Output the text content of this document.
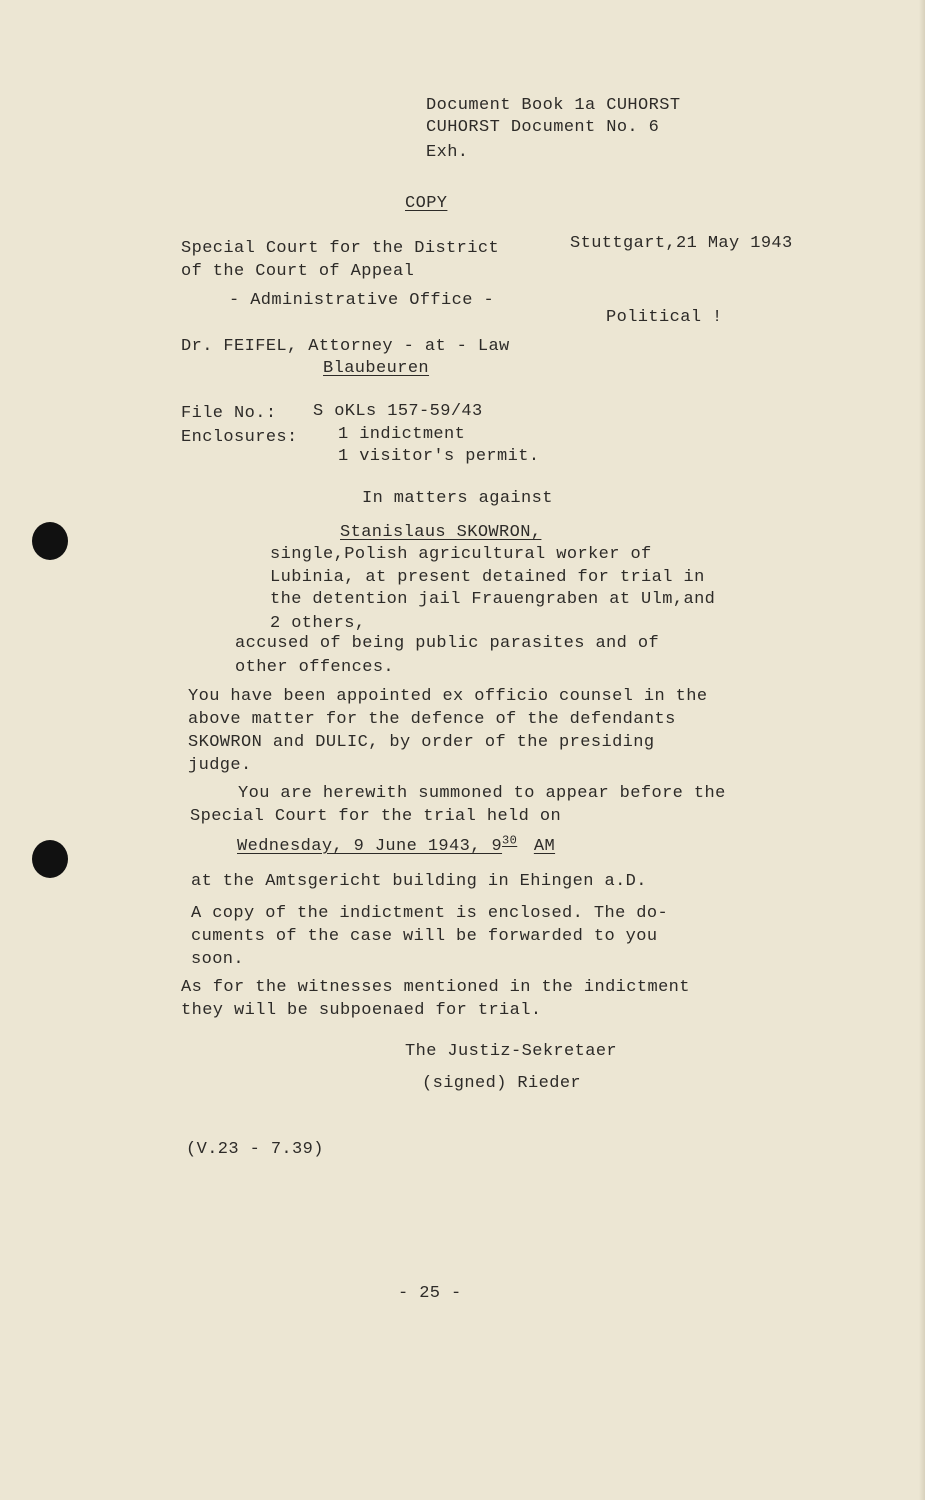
Document Book 1a CUHORST
CUHORST Document No. 6
Exh.
COPY
Special Court for the District
of the Court of Appeal
- Administrative Office -
Stuttgart,21 May 1943
Political !
Dr. FEIFEL, Attorney - at - Law
Blaubeuren
File No.: S oKLs 157-59/43
Enclosures: 1 indictment
1 visitor's permit.
In matters against
Stanislaus SKOWRON,
single,Polish agricultural worker of
Lubinia, at present detained for trial in
the detention jail Frauengraben at Ulm,and
2 others,
accused of being public parasites and of
other offences.
You have been appointed ex officio counsel in the
above matter for the defence of the defendants
SKOWRON and DULIC, by order of the presiding
judge.
You are herewith summoned to appear before the
Special Court for the trial held on
Wednesday, 9 June 1943, $9^{30}$ AM
at the Amtsgericht building in Ehingen a.D.
A copy of the indictment is enclosed. The do-
cuments of the case will be forwarded to you
soon.
As for the witnesses mentioned in the indictment
they will be subpoenaed for trial.
The Justiz-Sekretaer
(signed) Rieder
(V.23 - 7.39)
- 25 -
